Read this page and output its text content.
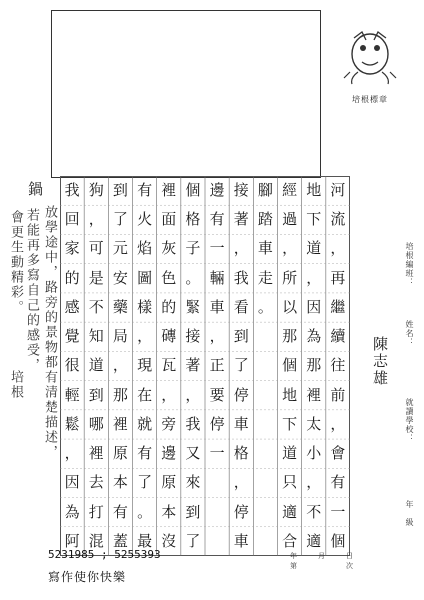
培根標章
培根編班：
姓名：
陳志雄
就讀學校：
年　級
河
流
，
再
繼
續
往
前
，
會
有
一
個
地
下
道
，
因
為
那
裡
太
小
，
不
適
經
過
，
所
以
那
個
地
下
道
只
適
合
腳
踏
車
走
。
接
著
，
我
看
到
了
停
車
格
，
停
車
邊
有
一
輛
車
，
正
要
停
一
個
格
子
。
緊
接
著
，
我
又
來
到
了
裡
面
灰
色
的
磚
瓦
，
旁
邊
原
本
沒
有
火
焰
圖
樣
，
現
在
就
有
了
。
最
到
了
元
安
藥
局
，
那
裡
原
本
有
蓋
狗
，
可
是
不
知
道
到
哪
裡
去
打
混
我
回
家
的
感
覺
很
輕
鬆
，
因
為
阿
鍋
放學途中，路旁的景物都有清楚描述，
若能再多寫自己的感受，
培根
會更生動精彩。
年	月	日
第	次
5231985 ; 5255393
寫作使你快樂
